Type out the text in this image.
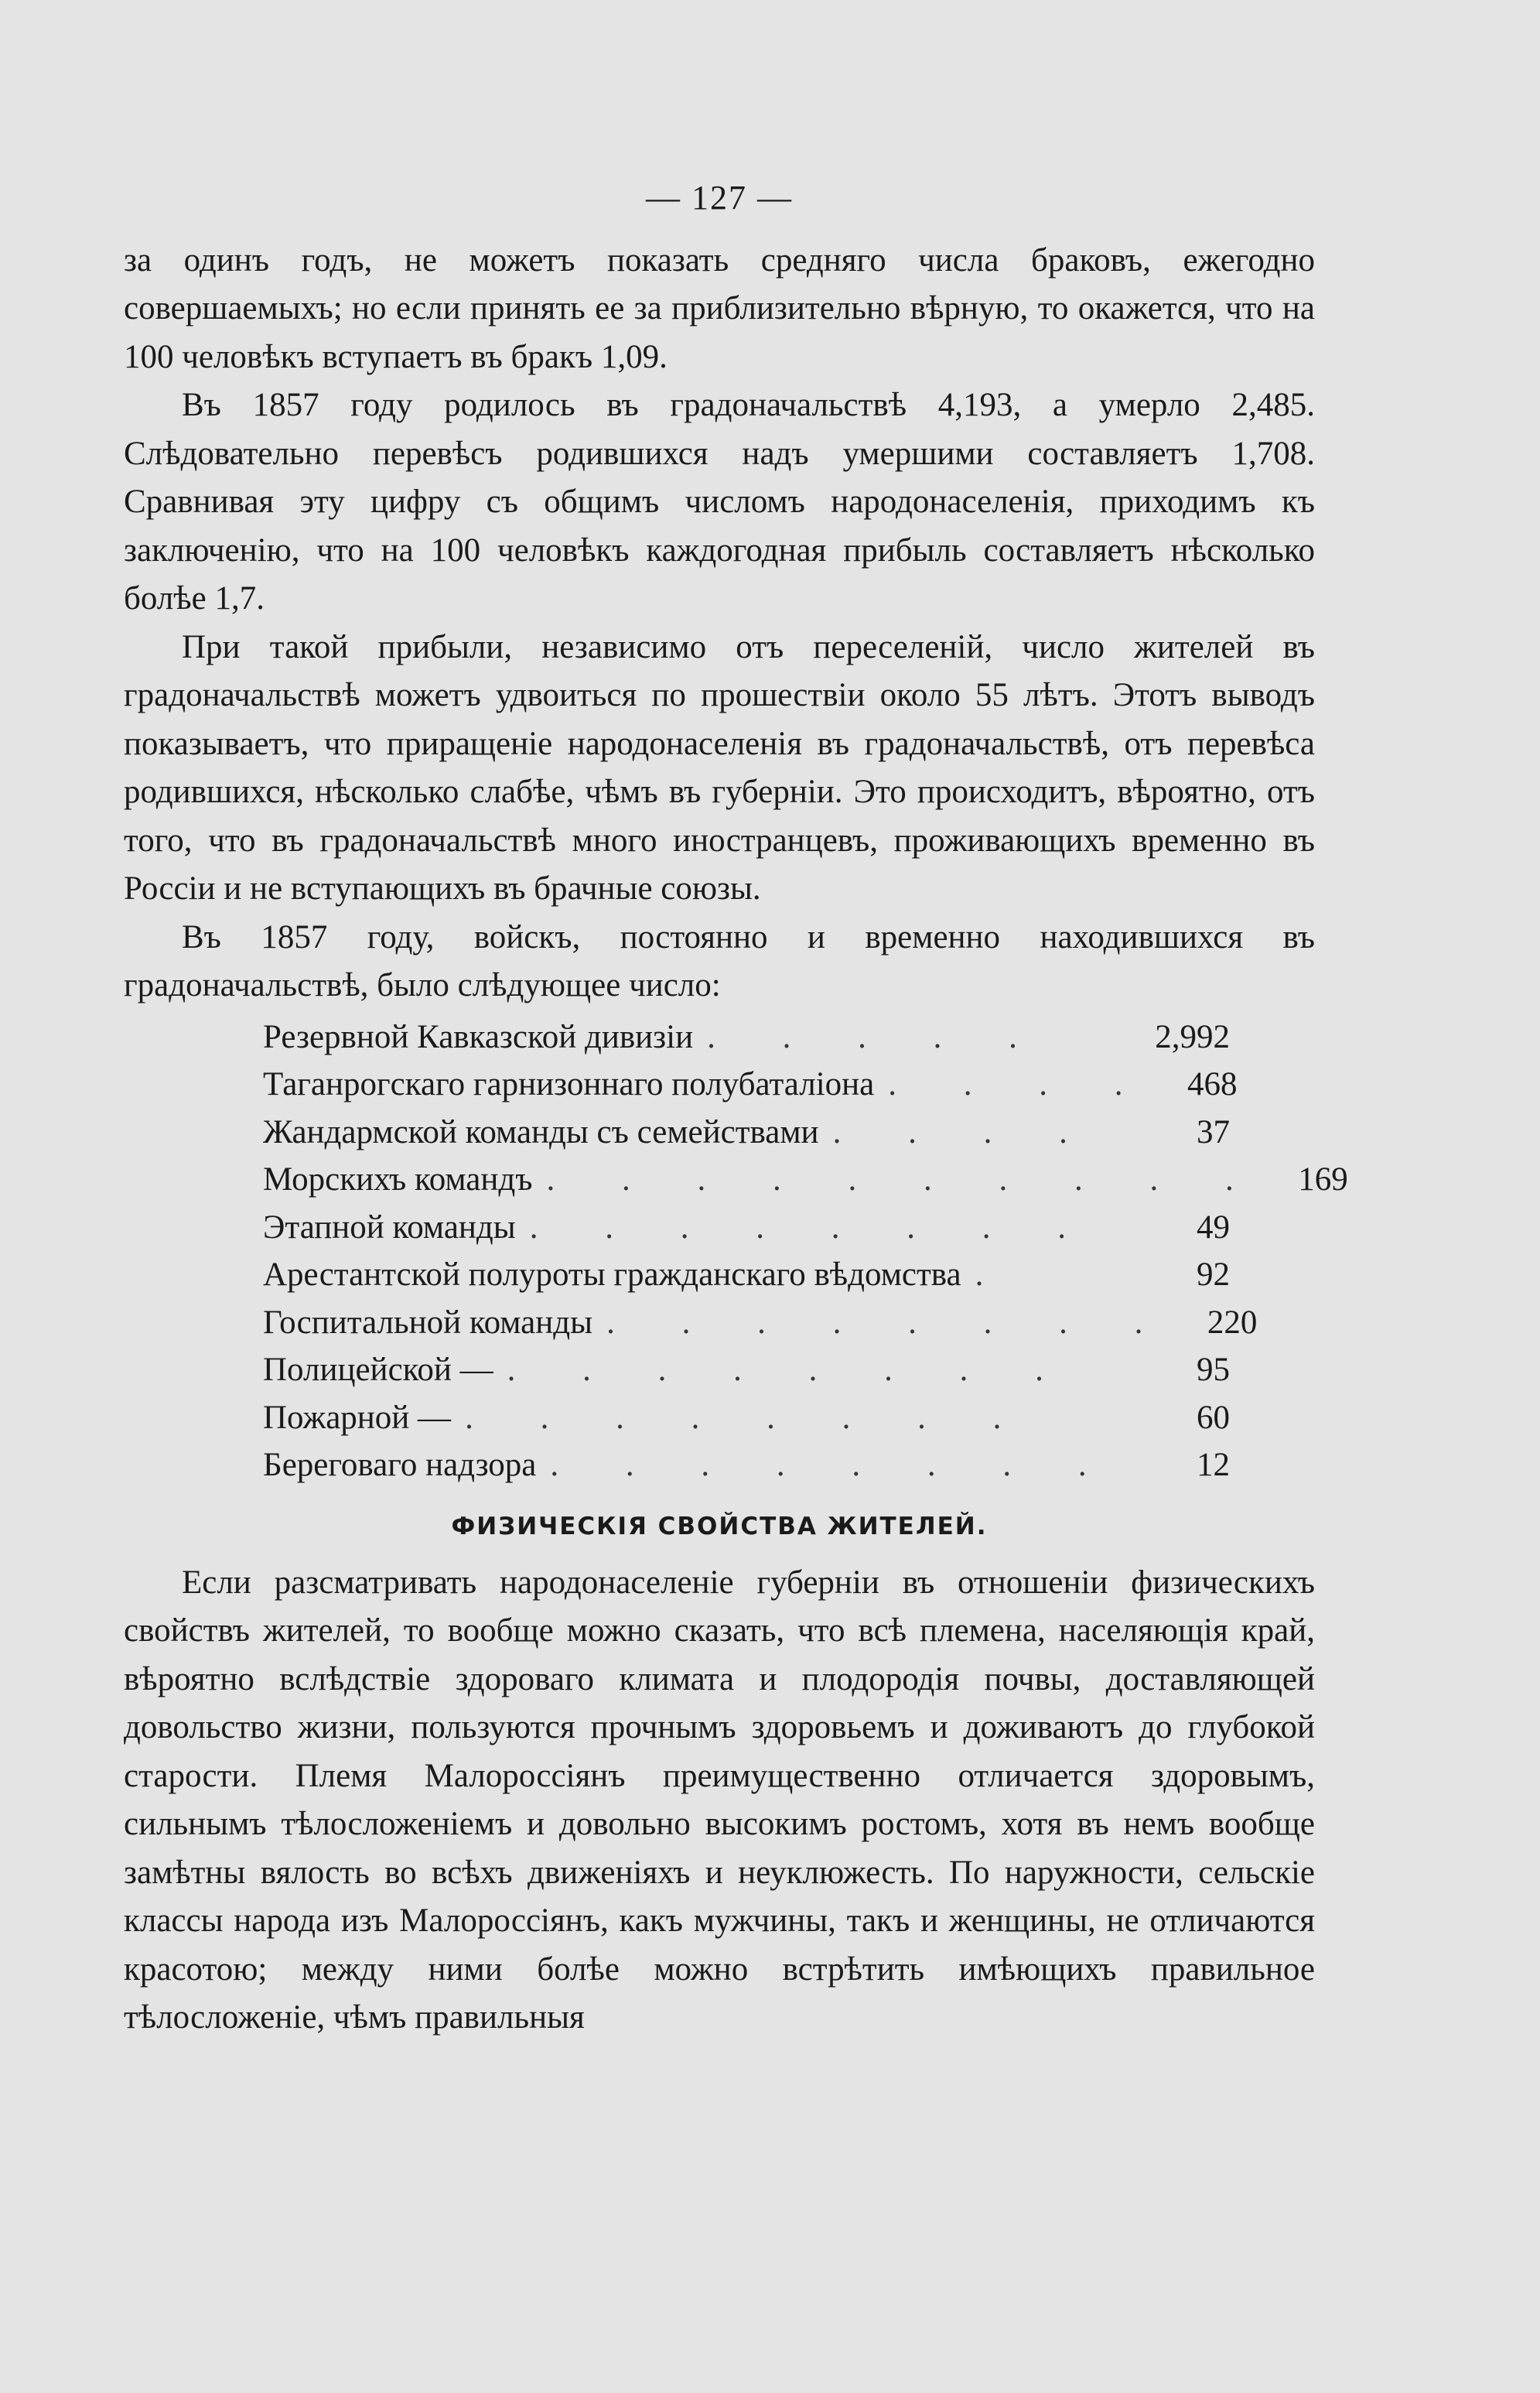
— 127 —

за одинъ годъ, не можетъ показать средняго числа браковъ, ежегодно совершаемыхъ; но если принять ее за приблизительно вѣрную, то окажется, что на 100 человѣкъ вступаетъ въ бракъ 1,09.

Въ 1857 году родилось въ градоначальствѣ 4,193, а умерло 2,485. Слѣдовательно перевѣсъ родившихся надъ умершими составляетъ 1,708. Сравнивая эту цифру съ общимъ числомъ народонаселенія, приходимъ къ заключенію, что на 100 человѣкъ каждогодная прибыль составляетъ нѣсколько болѣе 1,7.

При такой прибыли, независимо отъ переселеній, число жителей въ градоначальствѣ можетъ удвоиться по прошествіи около 55 лѣтъ. Этотъ выводъ показываетъ, что приращеніе народонаселенія въ градоначальствѣ, отъ перевѣса родившихся, нѣсколько слабѣе, чѣмъ въ губерніи. Это происходитъ, вѣроятно, отъ того, что въ градоначальствѣ много иностранцевъ, проживающихъ временно въ Россіи и не вступающихъ въ брачные союзы.

Въ 1857 году, войскъ, постоянно и временно находившихся въ градоначальствѣ, было слѣдующее число:

Резервной Кавказской дивизіи . . . . .	2,992
Таганрогскаго гарнизоннаго полубаталіона . . . .	468
Жандармской команды съ семействами . . . .	37
Морскихъ командъ . . . . . . . . . .	169
Этапной команды . . . . . . . .	49
Арестантской полуроты гражданскаго вѣдомства .	92
Госпитальной команды . . . . . . . .	220
Полицейской — . . . . . . . .	95
Пожарной — . . . . . . . .	60
Береговаго надзора . . . . . . . .	12
ФИЗИЧЕСКІЯ СВОЙСТВА ЖИТЕЛЕЙ.

Если разсматривать народонаселеніе губерніи въ отношеніи физическихъ свойствъ жителей, то вообще можно сказать, что всѣ племена, населяющія край, вѣроятно вслѣдствіе здороваго климата и плодородія почвы, доставляющей довольство жизни, пользуются прочнымъ здоровьемъ и доживаютъ до глубокой старости. Племя Малороссіянъ преимущественно отличается здоровымъ, сильнымъ тѣлосложеніемъ и довольно высокимъ ростомъ, хотя въ немъ вообще замѣтны вялость во всѣхъ движеніяхъ и неуклюжесть. По наружности, сельскіе классы народа изъ Малороссіянъ, какъ мужчины, такъ и женщины, не отличаются красотою; между ними болѣе можно встрѣтить имѣющихъ правильное тѣлосложеніе, чѣмъ правильныя
